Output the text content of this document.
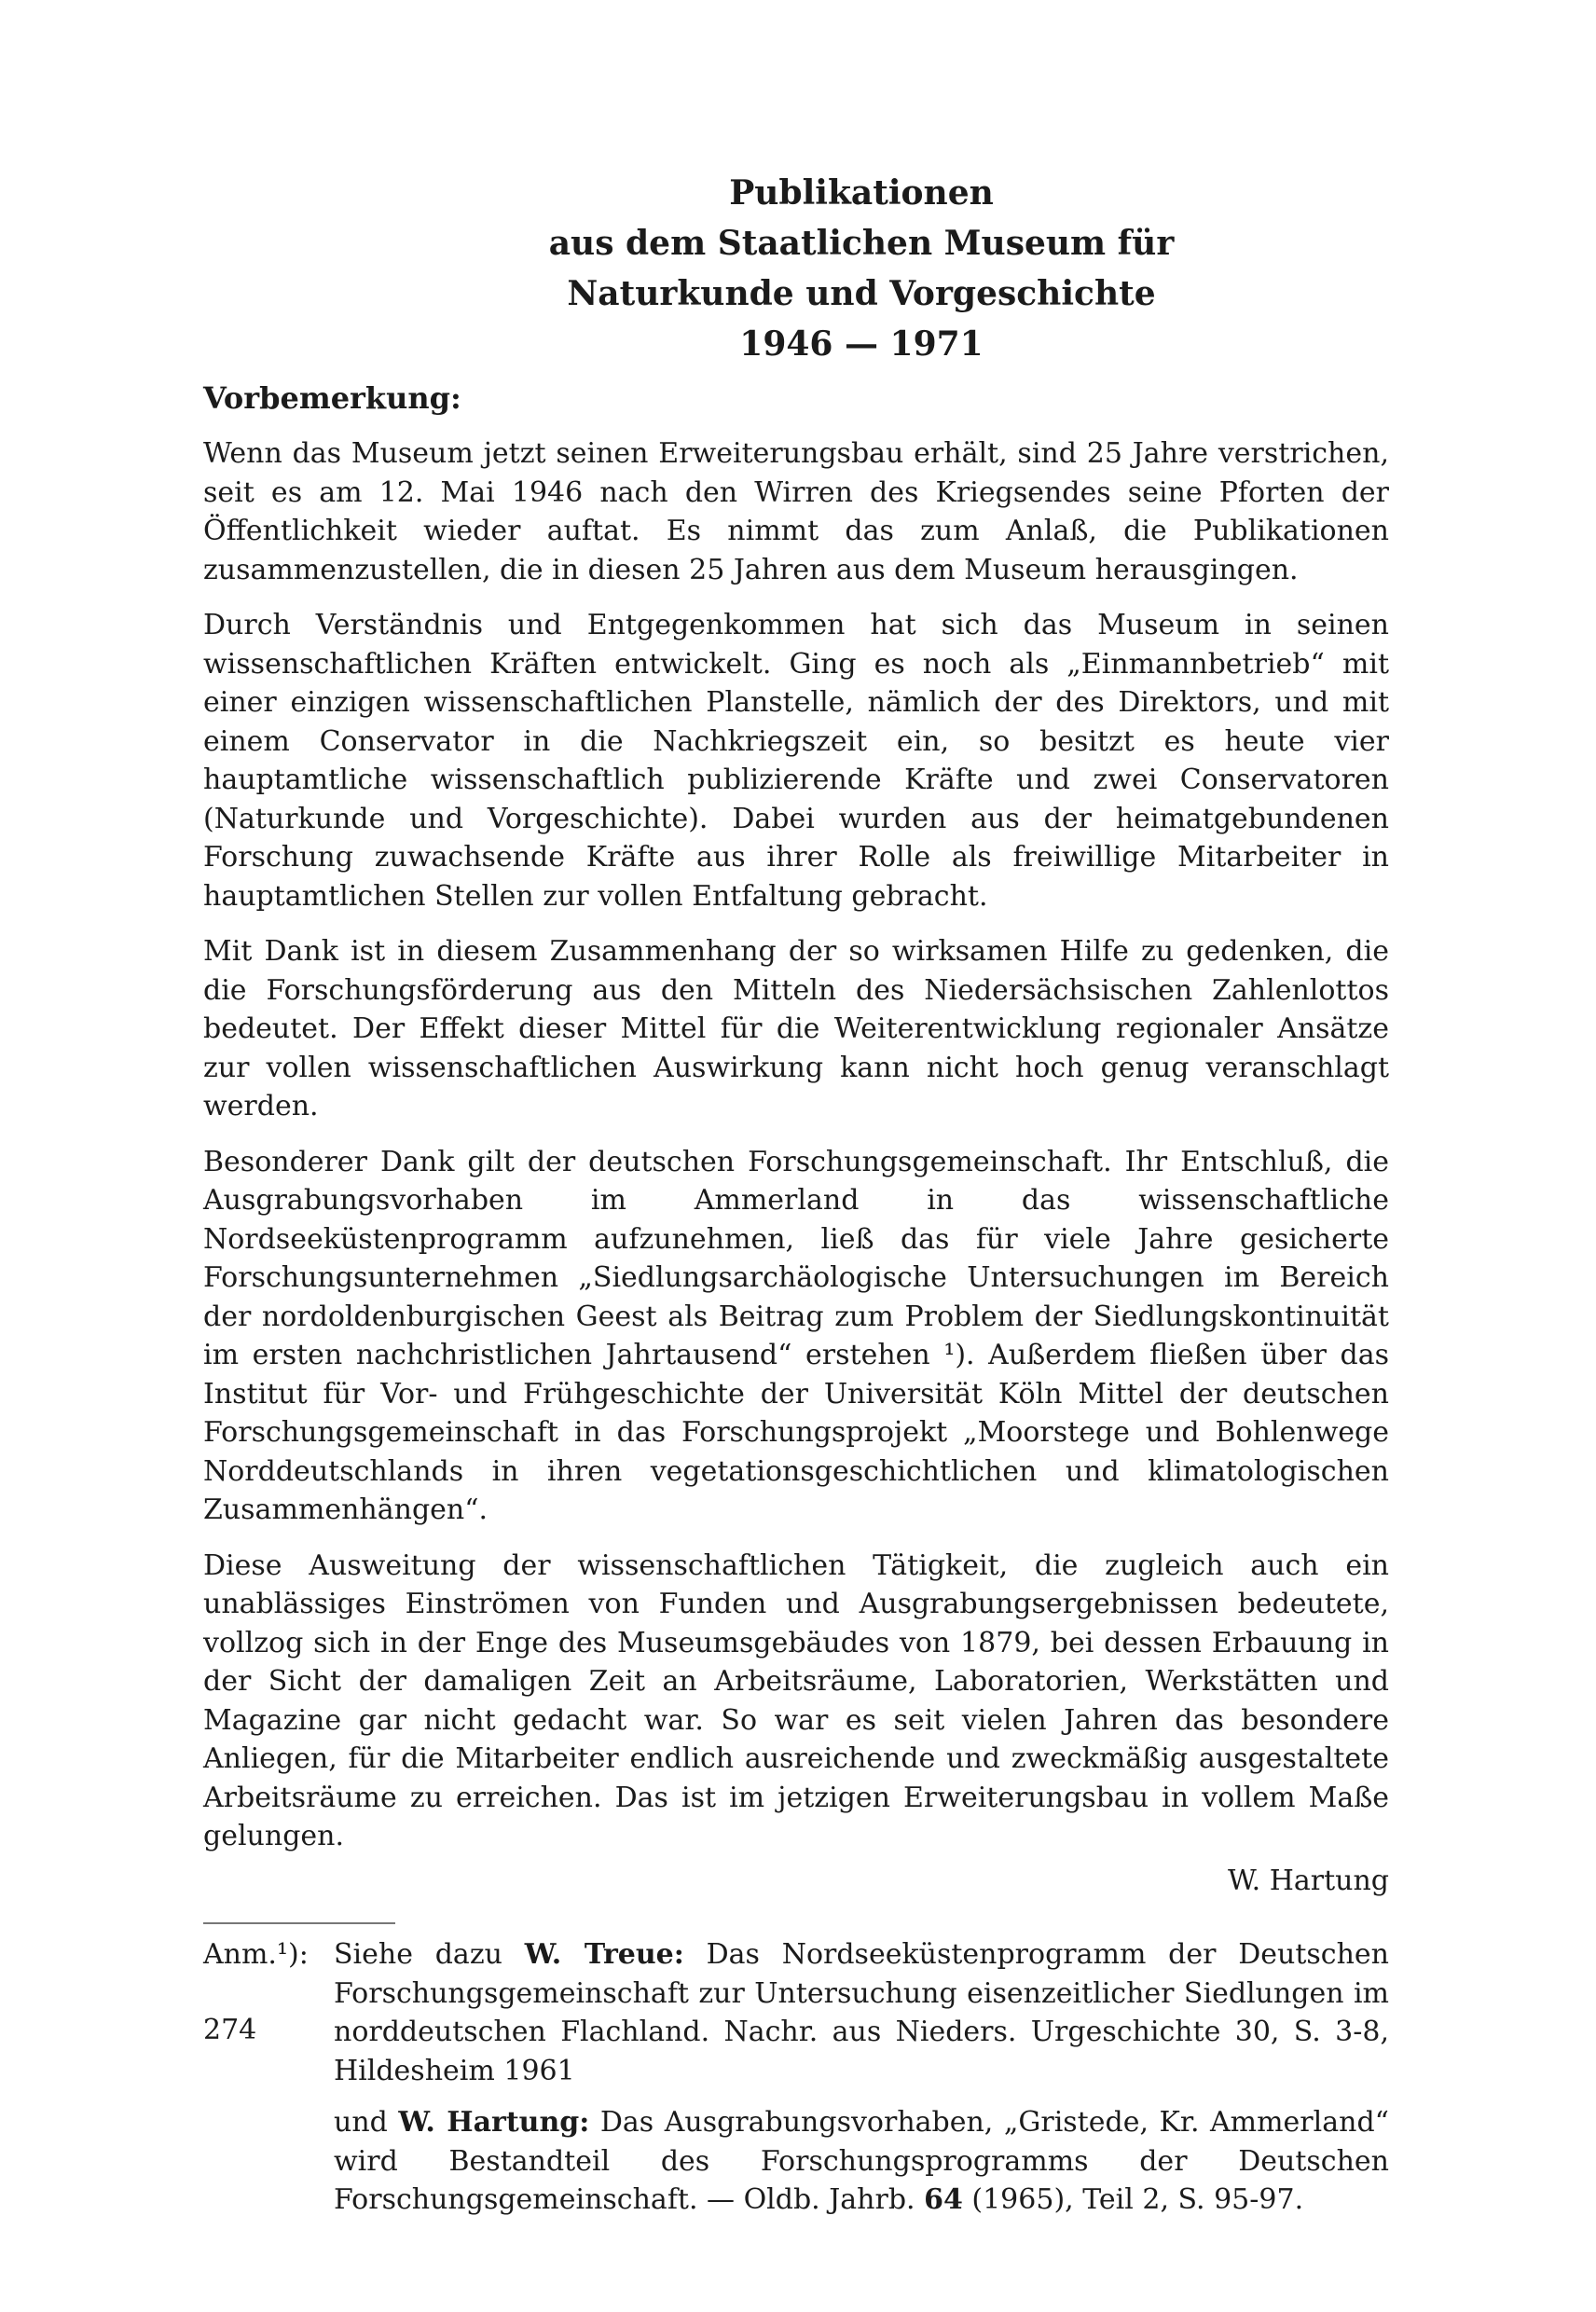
Publikationen
aus dem Staatlichen Museum für
Naturkunde und Vorgeschichte
1946 — 1971
Vorbemerkung:

Wenn das Museum jetzt seinen Erweiterungsbau erhält, sind 25 Jahre verstrichen, seit es am 12. Mai 1946 nach den Wirren des Kriegsendes seine Pforten der Öffentlichkeit wieder auftat. Es nimmt das zum Anlaß, die Publikationen zusammenzustellen, die in diesen 25 Jahren aus dem Museum herausgingen.

Durch Verständnis und Entgegenkommen hat sich das Museum in seinen wissenschaftlichen Kräften entwickelt. Ging es noch als „Einmannbetrieb“ mit einer einzigen wissenschaftlichen Planstelle, nämlich der des Direktors, und mit einem Conservator in die Nachkriegszeit ein, so besitzt es heute vier hauptamtliche wissenschaftlich publizierende Kräfte und zwei Conservatoren (Naturkunde und Vorgeschichte). Dabei wurden aus der heimatgebundenen Forschung zuwachsende Kräfte aus ihrer Rolle als freiwillige Mitarbeiter in hauptamtlichen Stellen zur vollen Entfaltung gebracht.

Mit Dank ist in diesem Zusammenhang der so wirksamen Hilfe zu gedenken, die die Forschungsförderung aus den Mitteln des Niedersächsischen Zahlenlottos bedeutet. Der Effekt dieser Mittel für die Weiterentwicklung regionaler Ansätze zur vollen wissenschaftlichen Auswirkung kann nicht hoch genug veranschlagt werden.

Besonderer Dank gilt der deutschen Forschungsgemeinschaft. Ihr Entschluß, die Ausgrabungsvorhaben im Ammerland in das wissenschaftliche Nordseeküstenprogramm aufzunehmen, ließ das für viele Jahre gesicherte Forschungsunternehmen „Siedlungsarchäologische Untersuchungen im Bereich der nordoldenburgischen Geest als Beitrag zum Problem der Siedlungskontinuität im ersten nachchristlichen Jahrtausend“ erstehen ¹). Außerdem fließen über das Institut für Vor- und Frühgeschichte der Universität Köln Mittel der deutschen Forschungsgemeinschaft in das Forschungsprojekt „Moorstege und Bohlenwege Norddeutschlands in ihren vegetationsgeschichtlichen und klimatologischen Zusammenhängen“.

Diese Ausweitung der wissenschaftlichen Tätigkeit, die zugleich auch ein unablässiges Einströmen von Funden und Ausgrabungsergebnissen bedeutete, vollzog sich in der Enge des Museumsgebäudes von 1879, bei dessen Erbauung in der Sicht der damaligen Zeit an Arbeitsräume, Laboratorien, Werkstätten und Magazine gar nicht gedacht war. So war es seit vielen Jahren das besondere Anliegen, für die Mitarbeiter endlich ausreichende und zweckmäßig ausgestaltete Arbeitsräume zu erreichen. Das ist im jetzigen Erweiterungsbau in vollem Maße gelungen.

W. Hartung
Anm.¹): Siehe dazu W. Treue: Das Nordseeküstenprogramm der Deutschen Forschungsgemeinschaft zur Untersuchung eisenzeitlicher Siedlungen im norddeutschen Flachland. Nachr. aus Nieders. Urgeschichte 30, S. 3-8, Hildesheim 1961

und W. Hartung: Das Ausgrabungsvorhaben, „Gristede, Kr. Ammerland“ wird Bestandteil des Forschungsprogramms der Deutschen Forschungsgemeinschaft. — Oldb. Jahrb. 64 (1965), Teil 2, S. 95-97.

274
